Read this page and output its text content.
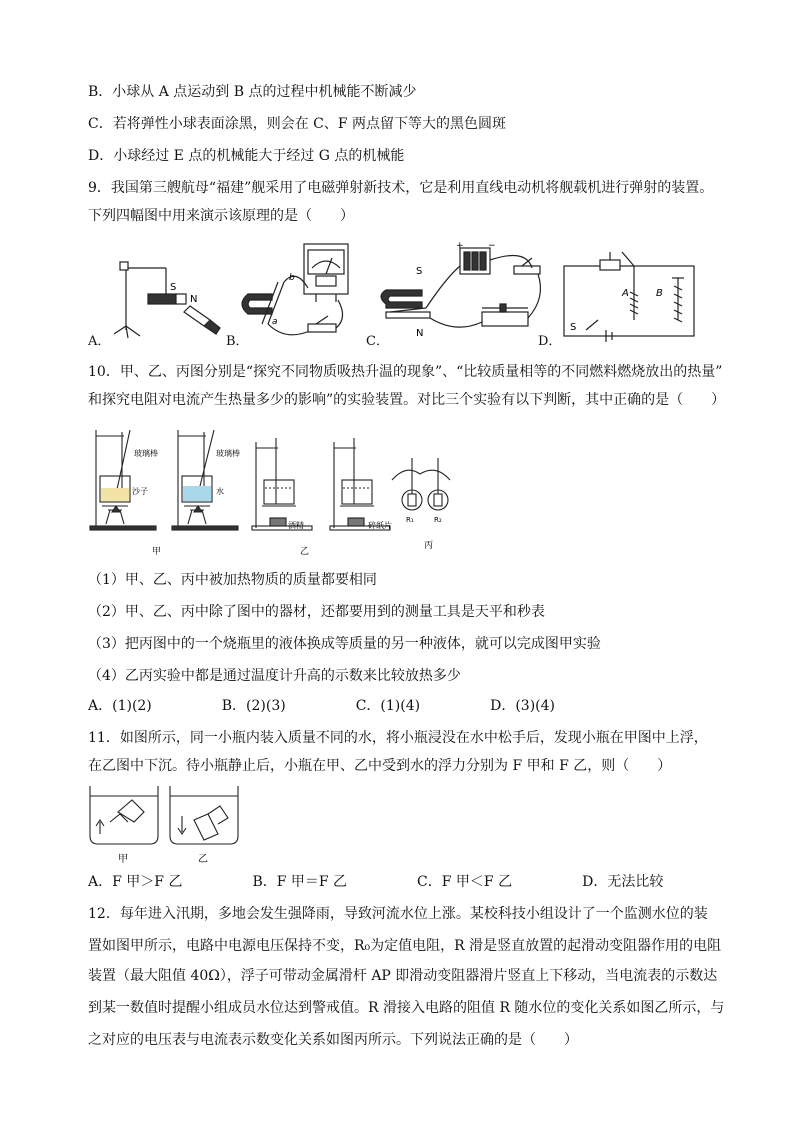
B．小球从 A 点运动到 B 点的过程中机械能不断减少
C．若将弹性小球表面涂黑，则会在 C、F 两点留下等大的黑色圆斑
D．小球经过 E 点的机械能大于经过 G 点的机械能
9．我国第三艘航母“福建”舰采用了电磁弹射新技术，它是利用直线电动机将舰载机进行弹射的装置。
下列四幅图中用来演示该原理的是（　　）
A．	B．	C．	D．
S
N
b
a
S
N
+	−
A	B
S
10．甲、乙、丙图分别是“探究不同物质吸热升温的现象”、“比较质量相等的不同燃料燃烧放出的热量”
和探究电阻对电流产生热量多少的影响”的实验装置。对比三个实验有以下判断，其中正确的是（　　）
玻璃棒
沙子
玻璃棒
水
甲
酒精	碎纸片
乙
R₁	R₂
丙
（1）甲、乙、丙中被加热物质的质量都要相同
（2）甲、乙、丙中除了图中的器材，还都要用到的测量工具是天平和秒表
（3）把丙图中的一个烧瓶里的液体换成等质量的另一种液体，就可以完成图甲实验
（4）乙丙实验中都是通过温度计升高的示数来比较放热多少
A．(1)(2)　　　　　B．(2)(3)　　　　　C．(1)(4)　　　　　D．(3)(4)
11．如图所示，同一小瓶内装入质量不同的水，将小瓶浸没在水中松手后，发现小瓶在甲图中上浮，
在乙图中下沉。待小瓶静止后，小瓶在甲、乙中受到水的浮力分别为 F 甲和 F 乙，则（　　）
甲	乙
A．F 甲＞F 乙　　　　　B．F 甲＝F 乙　　　　　C．F 甲＜F 乙　　　　　D．无法比较
12．每年进入汛期，多地会发生强降雨，导致河流水位上涨。某校科技小组设计了一个监测水位的装
置如图甲所示，电路中电源电压保持不变，R₀为定值电阻，R 滑是竖直放置的起滑动变阻器作用的电阻
装置（最大阻值 40Ω），浮子可带动金属滑杆 AP 即滑动变阻器滑片竖直上下移动，当电流表的示数达
到某一数值时提醒小组成员水位达到警戒值。R 滑接入电路的阻值 R 随水位的变化关系如图乙所示，与
之对应的电压表与电流表示数变化关系如图丙所示。下列说法正确的是（　　）
